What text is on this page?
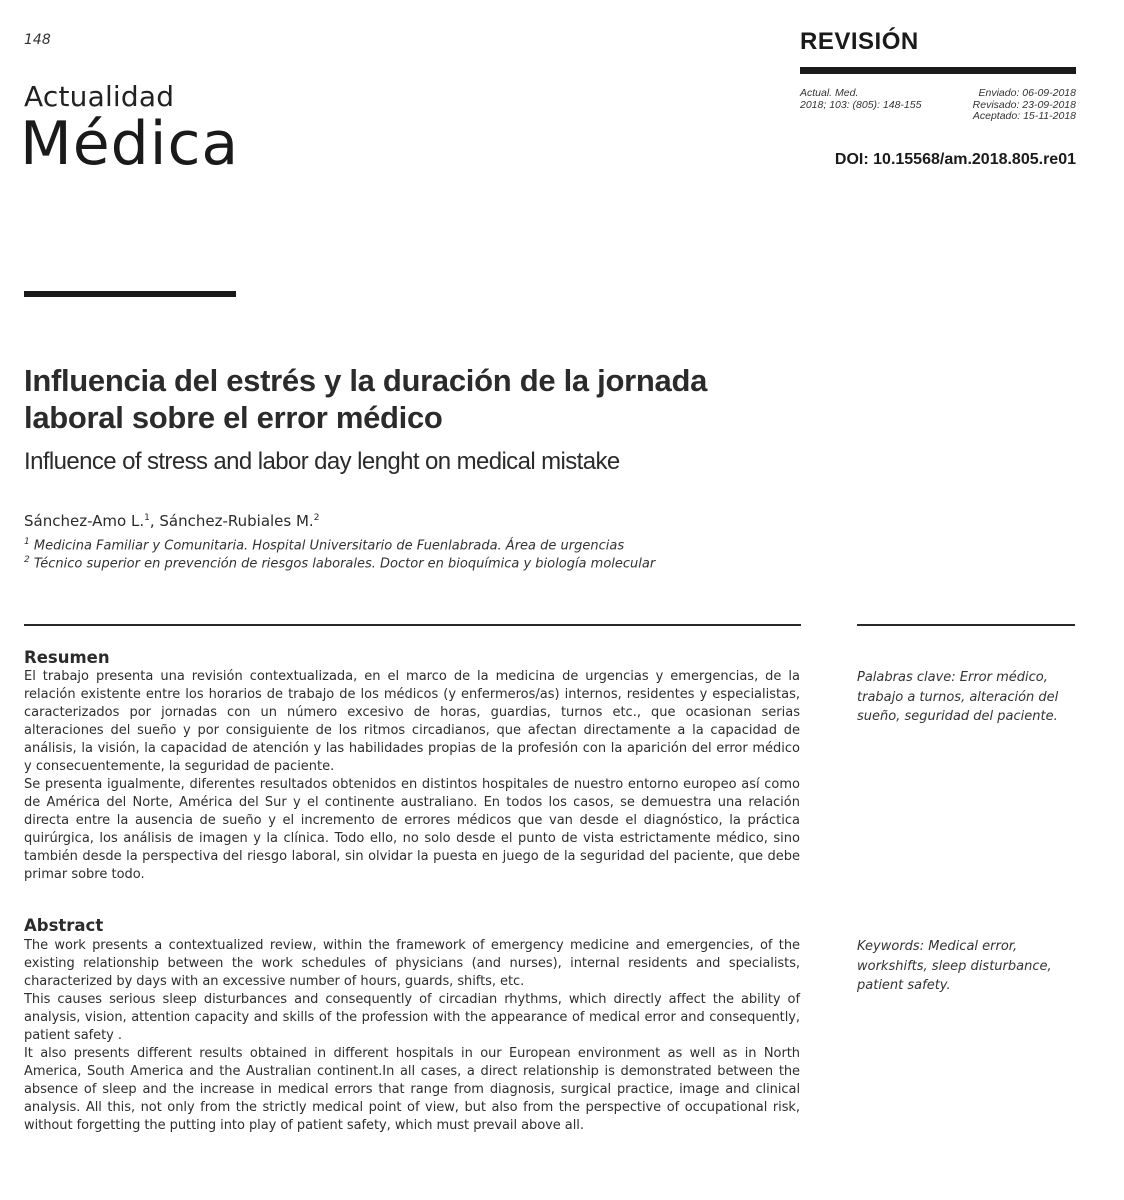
148
Actualidad
Médica
REVISIÓN
Actual. Med.
2018; 103: (805): 148-155
Enviado: 06-09-2018
Revisado: 23-09-2018
Aceptado: 15-11-2018
DOI: 10.15568/am.2018.805.re01
Influencia del estrés y la duración de la jornada laboral sobre el error médico
Influence of stress and labor day lenght on medical mistake
Sánchez-Amo L.$^1$, Sánchez-Rubiales M.$^2$
$^1$ Medicina Familiar y Comunitaria. Hospital Universitario de Fuenlabrada. Área de urgencias
$^2$ Técnico superior en prevención de riesgos laborales. Doctor en bioquímica y biología molecular
Resumen

El trabajo presenta una revisión contextualizada, en el marco de la medicina de urgencias y emergencias, de la relación existente entre los horarios de trabajo de los médicos (y enfermeros/as) internos, residentes y especialistas, caracterizados por jornadas con un número excesivo de horas, guardias, turnos etc., que ocasionan serias alteraciones del sueño y por consiguiente de los ritmos circadianos, que afectan directamente a la capacidad de análisis, la visión, la capacidad de atención y las habilidades propias de la profesión con la aparición del error médico y consecuentemente, la seguridad de paciente.

Se presenta igualmente, diferentes resultados obtenidos en distintos hospitales de nuestro entorno europeo así como de América del Norte, América del Sur y el continente australiano. En todos los casos, se demuestra una relación directa entre la ausencia de sueño y el incremento de errores médicos que van desde el diagnóstico, la práctica quirúrgica, los análisis de imagen y la clínica. Todo ello, no solo desde el punto de vista estrictamente médico, sino también desde la perspectiva del riesgo laboral, sin olvidar la puesta en juego de la seguridad del paciente, que debe primar sobre todo.

Palabras clave: Error médico, trabajo a turnos, alteración del sueño, seguridad del paciente.
Abstract

The work presents a contextualized review, within the framework of emergency medicine and emergencies, of the existing relationship between the work schedules of physicians (and nurses), internal residents and specialists, characterized by days with an excessive number of hours, guards, shifts, etc.

This causes serious sleep disturbances and consequently of circadian rhythms, which directly affect the ability of analysis, vision, attention capacity and skills of the profession with the appearance of medical error and consequently, patient safety .

It also presents different results obtained in different hospitals in our European environment as well as in North America, South America and the Australian continent.In all cases, a direct relationship is demonstrated between the absence of sleep and the increase in medical errors that range from diagnosis, surgical practice, image and clinical analysis. All this, not only from the strictly medical point of view, but also from the perspective of occupational risk, without forgetting the putting into play of patient safety, which must prevail above all.

Keywords: Medical error, workshifts, sleep disturbance, patient safety.
